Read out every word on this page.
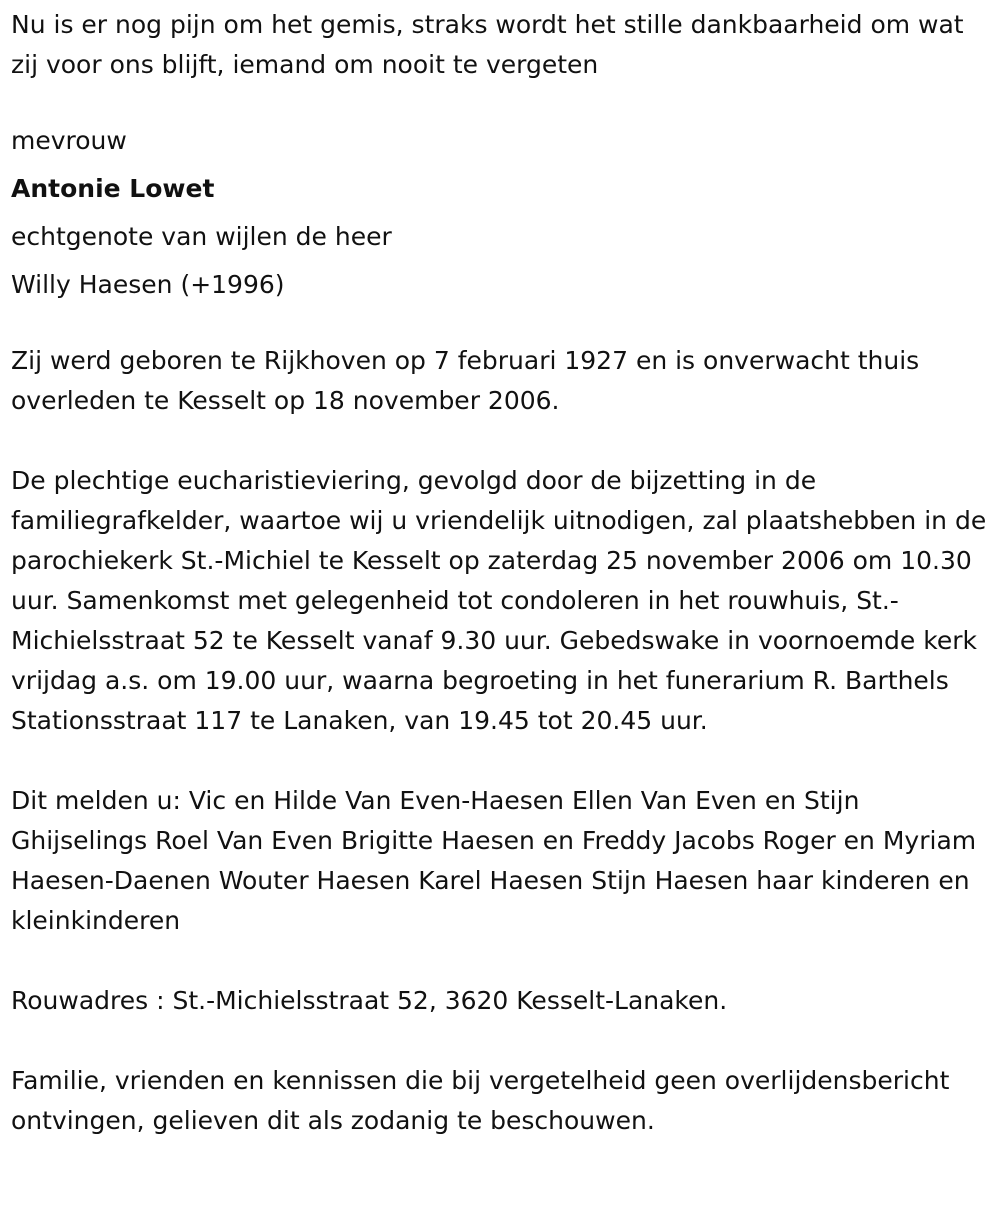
Nu is er nog pijn om het gemis, straks wordt het stille dankbaarheid om wat zij voor ons blijft, iemand om nooit te vergeten

mevrouw

Antonie Lowet

echtgenote van wijlen de heer

Willy Haesen (+1996)

Zij werd geboren te Rijkhoven op 7 februari 1927 en is onverwacht thuis overleden te Kesselt op 18 november 2006.

De plechtige eucharistieviering, gevolgd door de bijzetting in de familiegrafkelder, waartoe wij u vriendelijk uitnodigen, zal plaatshebben in de parochiekerk St.-Michiel te Kesselt op zaterdag 25 november 2006 om 10.30 uur. Samenkomst met gelegenheid tot condoleren in het rouwhuis, St.-Michielsstraat 52 te Kesselt vanaf 9.30 uur. Gebedswake in voornoemde kerk vrijdag a.s. om 19.00 uur, waarna begroeting in het funerarium R. Barthels Stationsstraat 117 te Lanaken, van 19.45 tot 20.45 uur.

Dit melden u: Vic en Hilde Van Even-Haesen Ellen Van Even en Stijn Ghijselings Roel Van Even Brigitte Haesen en Freddy Jacobs Roger en Myriam Haesen-Daenen Wouter Haesen Karel Haesen Stijn Haesen haar kinderen en kleinkinderen

Rouwadres : St.-Michielsstraat 52, 3620 Kesselt-Lanaken.

Familie, vrienden en kennissen die bij vergetelheid geen overlijdensbericht ontvingen, gelieven dit als zodanig te beschouwen.
